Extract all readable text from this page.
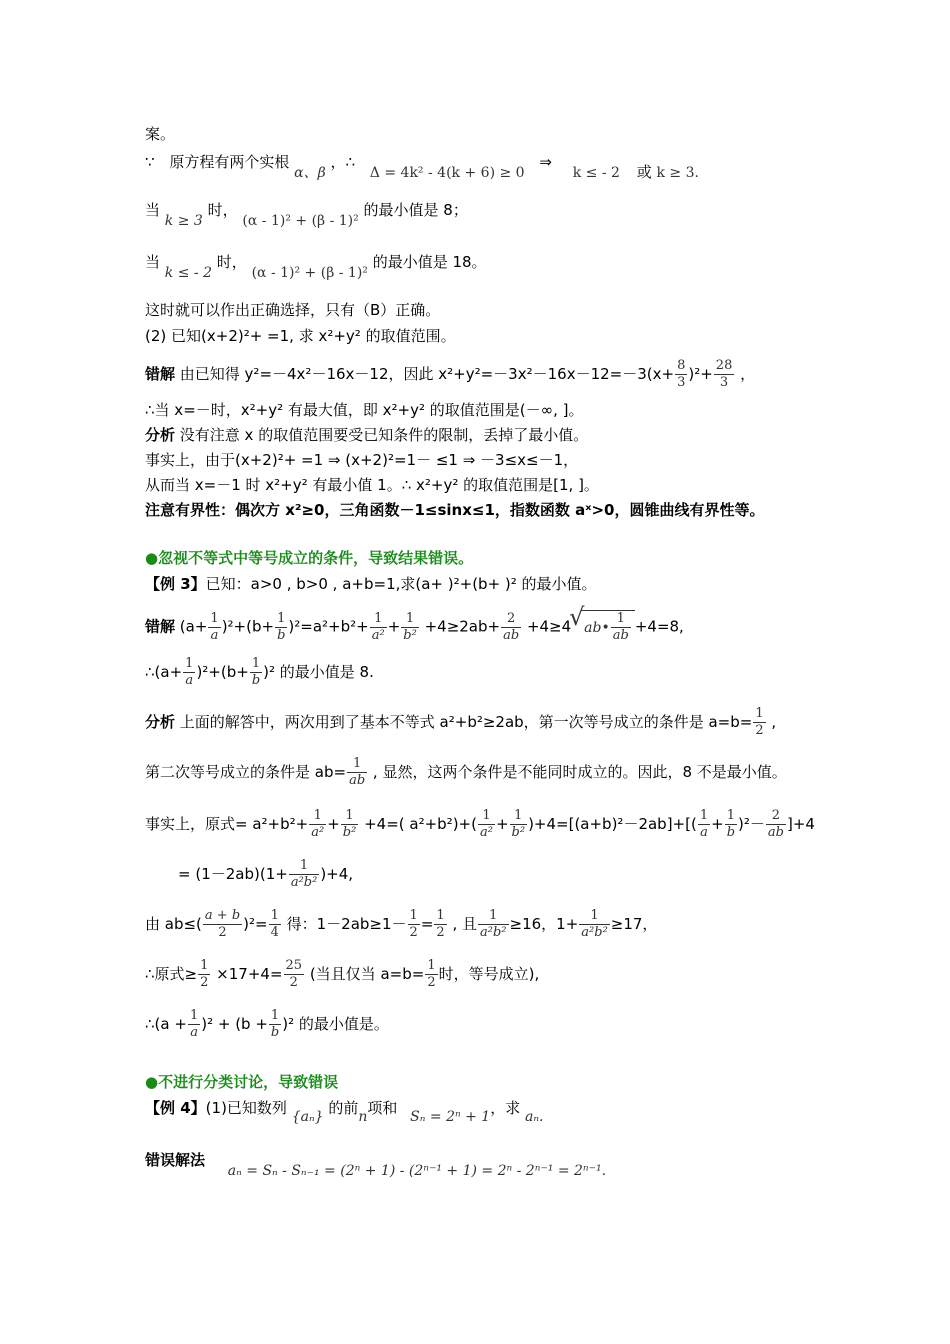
案。
∵ 原方程有两个实根 α、β ，∴ Δ = 4k² - 4(k + 6) ≥ 0 ⇒ k ≤ - 2 或 k ≥ 3.
当 k ≥ 3 时， (α - 1)² + (β - 1)² 的最小值是 8；
当 k ≤ - 2 时， (α - 1)² + (β - 1)² 的最小值是 18。
这时就可以作出正确选择，只有（B）正确。
(2) 已知(x+2)²+ =1, 求 x²+y² 的取值范围。
错解 由已知得 y²=－4x²－16x－12，因此 $x^2+y^2=-3x^2-16x-12=-3(x+ \frac{8}{3} )^2+ \frac{28}{3}$ ，
∴当 x=－时，x²+y² 有最大值，即 x²+y² 的取值范围是(－∞, ]。
分析 没有注意 x 的取值范围要受已知条件的限制，丢掉了最小值。
事实上，由于(x+2)²+ =1 ⇒ (x+2)²=1－ ≤1 ⇒ －3≤x≤－1，
从而当 x=－1 时 x²+y² 有最小值 1。∴ x²+y² 的取值范围是[1, ]。
注意有界性：偶次方 x²≥0，三角函数－1≤sinx≤1，指数函数 aˣ>0，圆锥曲线有界性等。
●忽视不等式中等号成立的条件，导致结果错误。
【例 3】已知：a>0 , b>0 , a+b=1,求(a+ )²+(b+ )² 的最小值。
错解 $(a+ \frac{1}{a} )^2+(b+ \frac{1}{b} )^2=a^2+b^2+ \frac{1}{\text{a²}} + \frac{1}{\text{b²}} +4\ge 2ab+ \frac{2}{ab} +4\ge 4√$ ab• $\frac{1}{ab} +4=8$,
∴(a+ $\frac{1}{a} )^2+(b+ \frac{1}{b} )^2$ 的最小值是 8.
分析 上面的解答中，两次用到了基本不等式 a²+b²≥2ab，第一次等号成立的条件是 $a=b= \frac{1}{2}$ ,
第二次等号成立的条件是 $ab= \frac{1}{ab}$ , 显然，这两个条件是不能同时成立的。因此，8 不是最小值。
事实上，原式= $a^2+b^2+ \frac{1}{\text{a²}} + \frac{1}{\text{b²}} +4=$( $a^2+b^2)+( \frac{1}{\text{a²}} + \frac{1}{\text{b²}} )+4=[(a+b)^2-2ab]+[( \frac{1}{a} + \frac{1}{b} )^2- \frac{2}{ab} ]+4$
= $(1-2ab)(1+ \frac{1}{\text{a²b²}} )+4$,
由 $ab\le( \frac{a + b}{2} )^2= \frac{1}{4}$ 得：$1-2ab\ge 1- \frac{1}{2} = \frac{1}{2}$ , 且 $\frac{1}{\text{a²b²}} \ge 16$，$1+ \frac{1}{\text{a²b²}} \ge 17$，
∴原式≥ $\frac{1}{2} \times 17+4= \frac{25}{2}$ (当且仅当 $a=b= \frac{1}{2}$ 时，等号成立),
∴(a + $\frac{1}{a} )^2 + (b + \frac{1}{b} )^2$ 的最小值是。
●不进行分类讨论，导致错误
【例 4】(1)已知数列 {aₙ} 的前n项和 Sₙ = 2ⁿ + 1，求 aₙ.
错误解法 aₙ = Sₙ - Sₙ₋₁ = (2ⁿ + 1) - (2ⁿ⁻¹ + 1) = 2ⁿ - 2ⁿ⁻¹ = 2ⁿ⁻¹.
